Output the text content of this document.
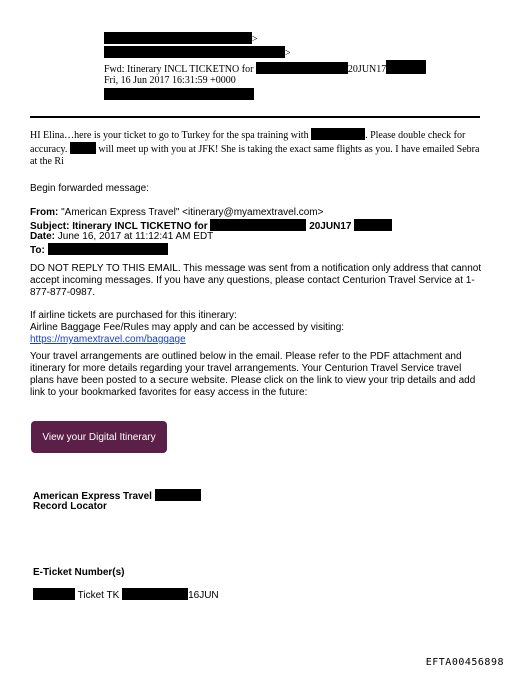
>
>
Fwd: Itinerary INCL TICKETNO for	20JUN17
Fri, 16 Jun 2017 16:31:59 +0000
HI Elina…here is your ticket to go to Turkey for the spa training with	. Please double check for accuracy.	will meet up with you at JFK! She is taking the exact same flights as you. I have emailed Sebra at the Ri
Begin forwarded message:
From: "American Express Travel" <itinerary@myamextravel.com>
Subject: Itinerary INCL TICKETNO for	20JUN17
Date: June 16, 2017 at 11:12:41 AM EDT
To:
DO NOT REPLY TO THIS EMAIL. This message was sent from a notification only address that cannot accept incoming messages. If you have any questions, please contact Centurion Travel Service at 1-877-877-0987.
If airline tickets are purchased for this itinerary:
Airline Baggage Fee/Rules may apply and can be accessed by visiting:
https://myamextravel.com/baggage
Your travel arrangements are outlined below in the email. Please refer to the PDF attachment and itinerary for more details regarding your travel arrangements. Your Centurion Travel Service travel plans have been posted to a secure website. Please click on the link to view your trip details and add link to your bookmarked favorites for easy access in the future:
View your Digital Itinerary
American Express Travel
Record Locator
E-Ticket Number(s)
Ticket TK	16JUN
EFTA00456898
